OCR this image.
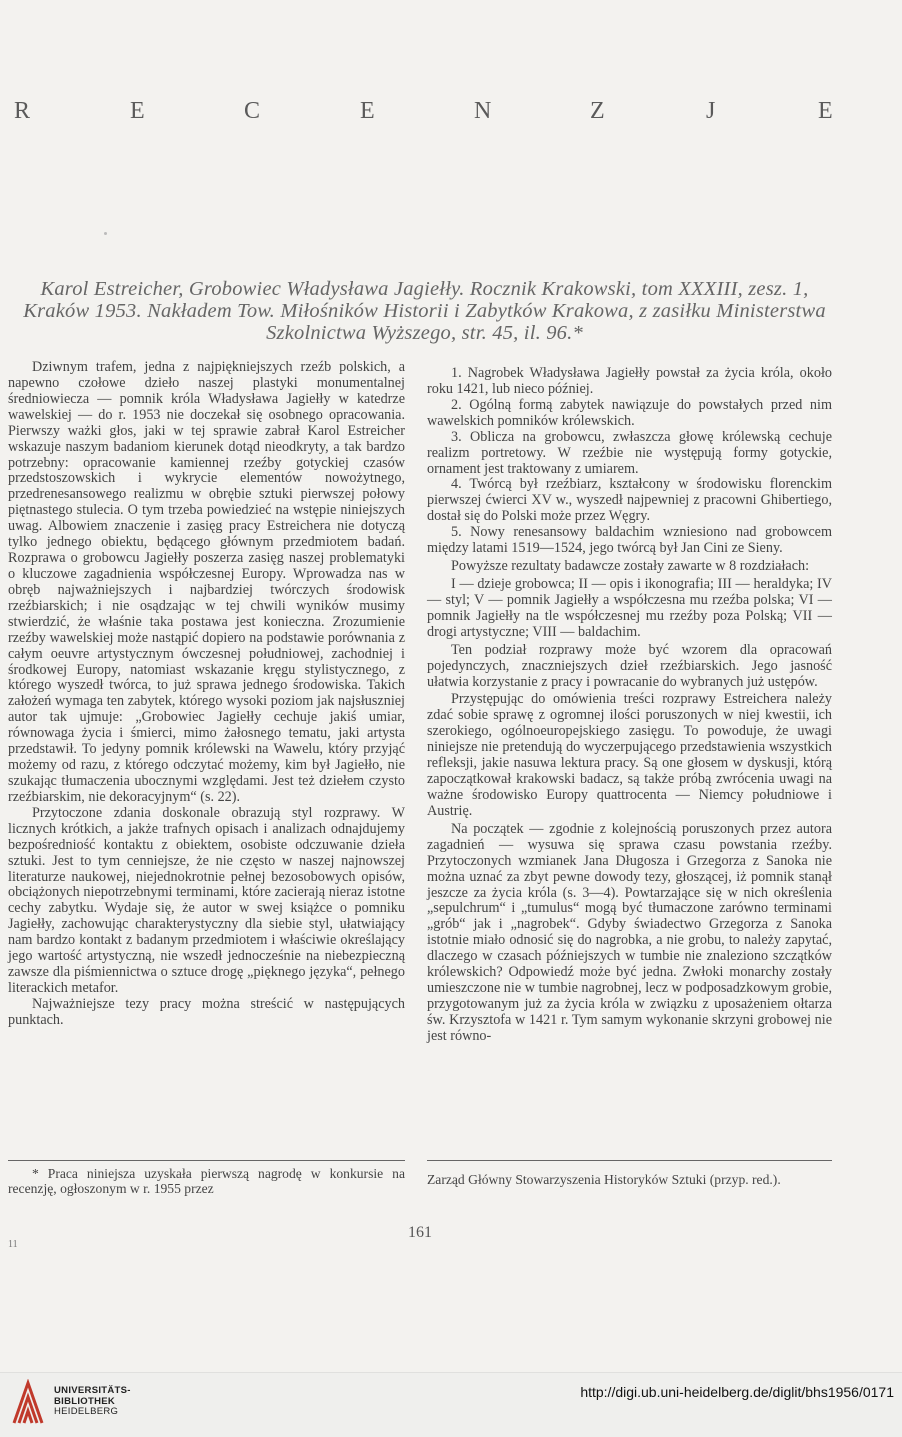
R	E	C	E	N	Z	J	E
Karol Estreicher, Grobowiec Władysława Jagiełły. Rocznik Krakowski, tom XXXIII, zesz. 1,
Kraków 1953. Nakładem Tow. Miłośników Historii i Zabytków Krakowa, z zasiłku Ministerstwa
Szkolnictwa Wyższego, str. 45, il. 96.*

Dziwnym trafem, jedna z najpiękniejszych rzeźb polskich, a napewno czołowe dzieło naszej plastyki monumentalnej średniowiecza — pomnik króla Władysława Jagiełły w katedrze wawelskiej — do r. 1953 nie doczekał się osobnego opracowania. Pierwszy ważki głos, jaki w tej sprawie zabrał Karol Estreicher wskazuje naszym badaniom kierunek dotąd nieodkryty, a tak bardzo potrzebny: opracowanie kamiennej rzeźby gotyckiej czasów przedstoszowskich i wykrycie elementów nowożytnego, przedrenesansowego realizmu w obrębie sztuki pierwszej połowy piętnastego stulecia. O tym trzeba powiedzieć na wstępie niniejszych uwag. Albowiem znaczenie i zasięg pracy Estreichera nie dotyczą tylko jednego obiektu, będącego głównym przedmiotem badań. Rozprawa o grobowcu Jagiełły poszerza zasięg naszej problematyki o kluczowe zagadnienia współczesnej Europy. Wprowadza nas w obręb najważniejszych i najbardziej twórczych środowisk rzeźbiarskich; i nie osądzając w tej chwili wyników musimy stwierdzić, że właśnie taka postawa jest konieczna. Zrozumienie rzeźby wawelskiej może nastąpić dopiero na podstawie porównania z całym oeuvre artystycznym ówczesnej południowej, zachodniej i środkowej Europy, natomiast wskazanie kręgu stylistycznego, z którego wyszedł twórca, to już sprawa jednego środowiska. Takich założeń wymaga ten zabytek, którego wysoki poziom jak najsłuszniej autor tak ujmuje: „Grobowiec Jagiełły cechuje jakiś umiar, równowaga życia i śmierci, mimo żałosnego tematu, jaki artysta przedstawił. To jedyny pomnik królewski na Wawelu, który przyjąć możemy od razu, z którego odczytać możemy, kim był Jagiełło, nie szukając tłumaczenia ubocznymi względami. Jest też dziełem czysto rzeźbiarskim, nie dekoracyjnym“ (s. 22).

Przytoczone zdania doskonale obrazują styl rozprawy. W licznych krótkich, a jakże trafnych opisach i analizach odnajdujemy bezpośredniość kontaktu z obiektem, osobiste odczuwanie dzieła sztuki. Jest to tym cenniejsze, że nie często w naszej najnowszej literaturze naukowej, niejednokrotnie pełnej bezosobowych opisów, obciążonych niepotrzebnymi terminami, które zacierają nieraz istotne cechy zabytku. Wydaje się, że autor w swej książce o pomniku Jagiełły, zachowując charakterystyczny dla siebie styl, ułatwiający nam bardzo kontakt z badanym przedmiotem i właściwie określający jego wartość artystyczną, nie wszedł jednocześnie na niebezpieczną zawsze dla piśmiennictwa o sztuce drogę „pięknego języka“, pełnego literackich metafor.

Najważniejsze tezy pracy można streścić w następujących punktach.

1. Nagrobek Władysława Jagiełły powstał za życia króla, około roku 1421, lub nieco później.

2. Ogólną formą zabytek nawiązuje do powstałych przed nim wawelskich pomników królewskich.

3. Oblicza na grobowcu, zwłaszcza głowę królewską cechuje realizm portretowy. W rzeźbie nie występują formy gotyckie, ornament jest traktowany z umiarem.

4. Twórcą był rzeźbiarz, kształcony w środowisku florenckim pierwszej ćwierci XV w., wyszedł najpewniej z pracowni Ghibertiego, dostał się do Polski może przez Węgry.

5. Nowy renesansowy baldachim wzniesiono nad grobowcem między latami 1519—1524, jego twórcą był Jan Cini ze Sieny.

Powyższe rezultaty badawcze zostały zawarte w 8 rozdziałach:

I — dzieje grobowca; II — opis i ikonografia; III — heraldyka; IV — styl; V — pomnik Jagiełły a współczesna mu rzeźba polska; VI — pomnik Jagiełły na tle współczesnej mu rzeźby poza Polską; VII — drogi artystyczne; VIII — baldachim.

Ten podział rozprawy może być wzorem dla opracowań pojedynczych, znaczniejszych dzieł rzeźbiarskich. Jego jasność ułatwia korzystanie z pracy i powracanie do wybranych już ustępów.

Przystępując do omówienia treści rozprawy Estreichera należy zdać sobie sprawę z ogromnej ilości poruszonych w niej kwestii, ich szerokiego, ogólnoeuropejskiego zasięgu. To powoduje, że uwagi niniejsze nie pretendują do wyczerpującego przedstawienia wszystkich refleksji, jakie nasuwa lektura pracy. Są one głosem w dyskusji, którą zapoczątkował krakowski badacz, są także próbą zwrócenia uwagi na ważne środowisko Europy quattrocenta — Niemcy południowe i Austrię.

Na początek — zgodnie z kolejnością poruszonych przez autora zagadnień — wysuwa się sprawa czasu powstania rzeźby. Przytoczonych wzmianek Jana Długosza i Grzegorza z Sanoka nie można uznać za zbyt pewne dowody tezy, głoszącej, iż pomnik stanął jeszcze za życia króla (s. 3—4). Powtarzające się w nich określenia „sepulchrum“ i „tumulus“ mogą być tłumaczone zarówno terminami „grób“ jak i „nagrobek“. Gdyby świadectwo Grzegorza z Sanoka istotnie miało odnosić się do nagrobka, a nie grobu, to należy zapytać, dlaczego w czasach późniejszych w tumbie nie znaleziono szczątków królewskich? Odpowiedź może być jedna. Zwłoki monarchy zostały umieszczone nie w tumbie nagrobnej, lecz w podposadzkowym grobie, przygotowanym już za życia króla w związku z uposażeniem ołtarza św. Krzysztofa w 1421 r. Tym samym wykonanie skrzyni grobowej nie jest równo-

* Praca niniejsza uzyskała pierwszą nagrodę w konkursie na recenzję, ogłoszonym w r. 1955 przez

Zarząd Główny Stowarzyszenia Historyków Sztuki (przyp. red.).
161
11
UNIVERSITÄTS-
BIBLIOTHEK
HEIDELBERG
http://digi.ub.uni-heidelberg.de/diglit/bhs1956/0171
